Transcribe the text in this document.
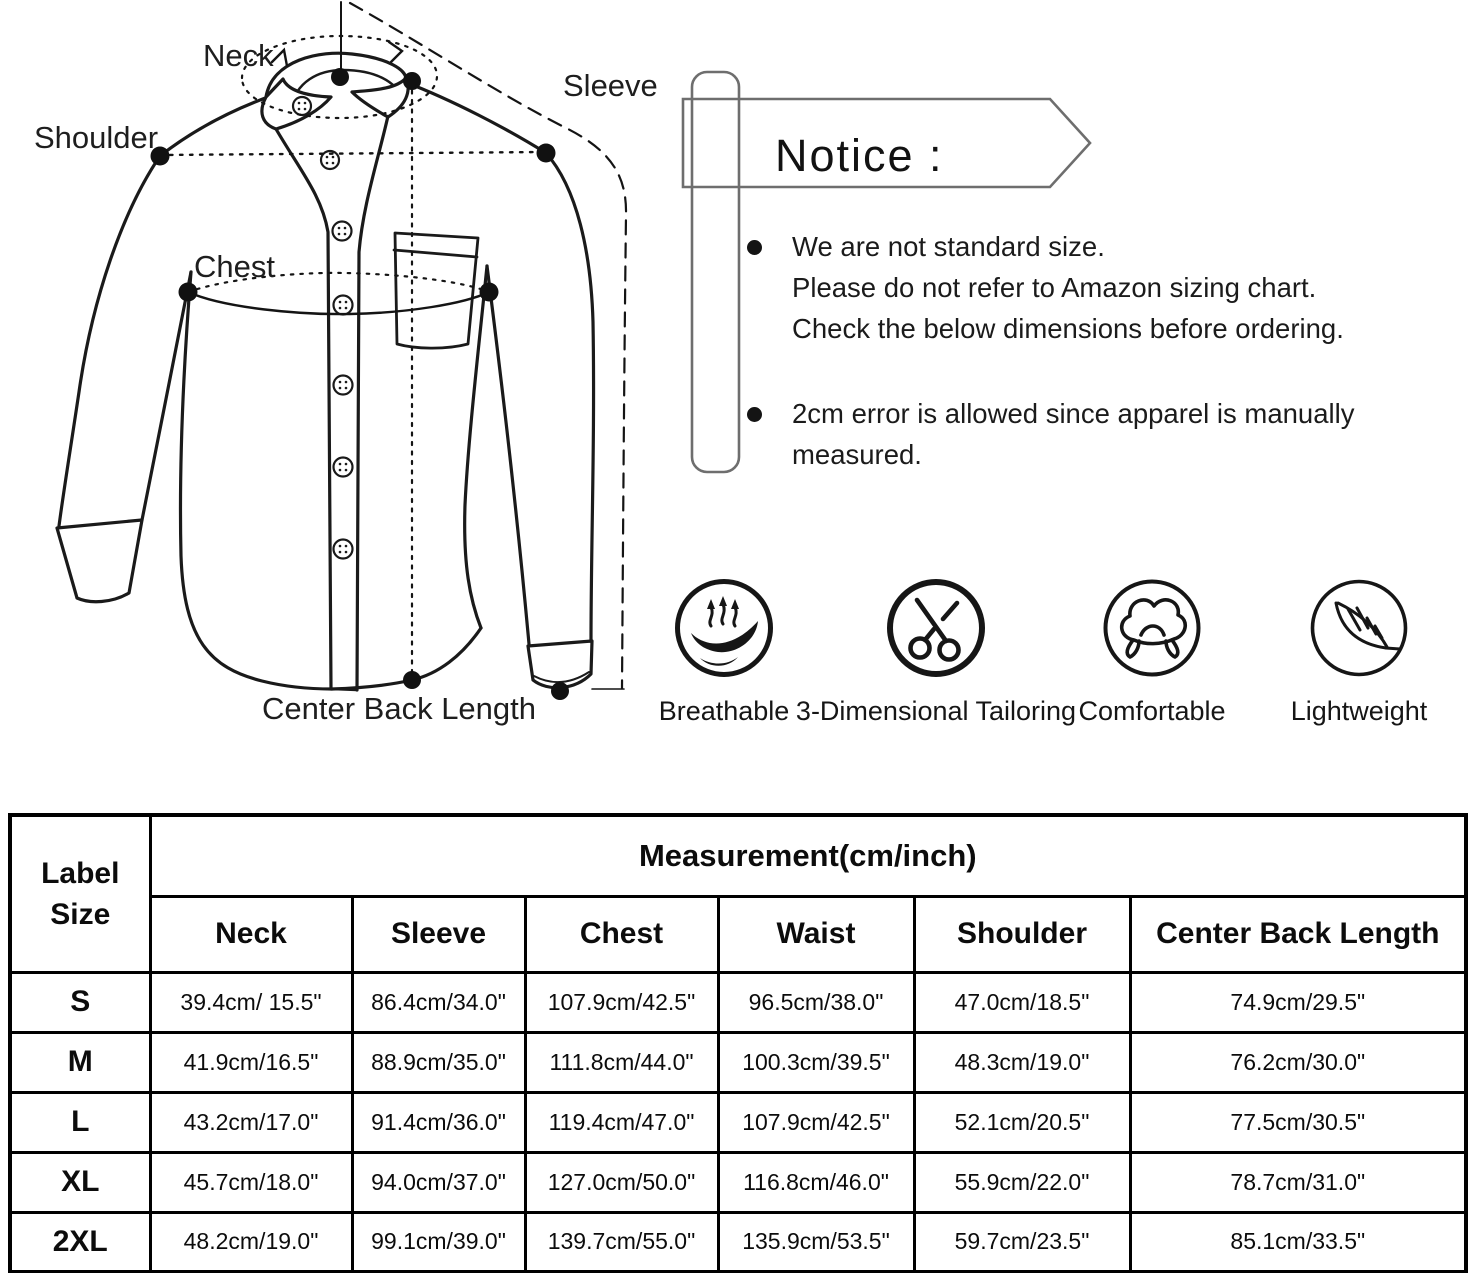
Neck
Sleeve
Shoulder
Chest
Center Back Length
Notice :
We are not standard size.
Please do not refer to Amazon sizing chart.
Check the below dimensions before ordering.
2cm error is allowed since apparel is manually
measured.
Breathable 3-Dimensional Tailoring Comfortable	Lightweight
Label
Size	Measurement(cm/inch)					
	Neck	Sleeve	Chest	Waist	Shoulder	Center Back Length
S	39.4cm/ 15.5"	86.4cm/34.0"	107.9cm/42.5"	96.5cm/38.0"	47.0cm/18.5"	74.9cm/29.5"
M	41.9cm/16.5"	88.9cm/35.0"	111.8cm/44.0"	100.3cm/39.5"	48.3cm/19.0"	76.2cm/30.0"
L	43.2cm/17.0"	91.4cm/36.0"	119.4cm/47.0"	107.9cm/42.5"	52.1cm/20.5"	77.5cm/30.5"
XL	45.7cm/18.0"	94.0cm/37.0"	127.0cm/50.0"	116.8cm/46.0"	55.9cm/22.0"	78.7cm/31.0"
2XL	48.2cm/19.0"	99.1cm/39.0"	139.7cm/55.0"	135.9cm/53.5"	59.7cm/23.5"	85.1cm/33.5"
